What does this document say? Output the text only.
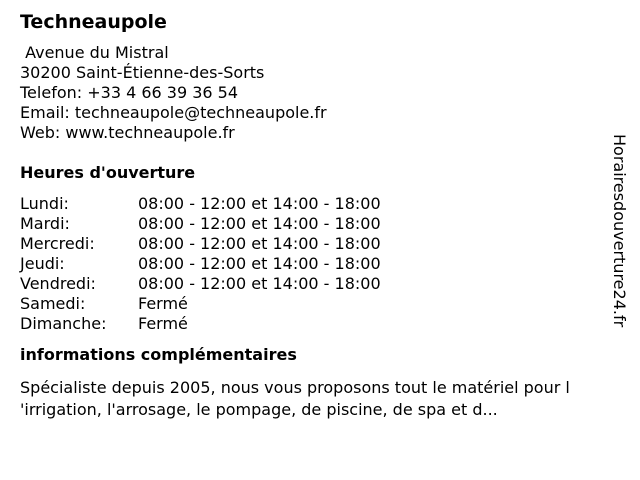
Techneaupole
Avenue du Mistral
30200 Saint-Étienne-des-Sorts
Telefon: +33 4 66 39 36 54
Email: techneaupole@techneaupole.fr
Web: www.techneaupole.fr
Heures d'ouverture
Lundi:	08:00 - 12:00 et 14:00 - 18:00
Mardi:	08:00 - 12:00 et 14:00 - 18:00
Mercredi:	08:00 - 12:00 et 14:00 - 18:00
Jeudi:	08:00 - 12:00 et 14:00 - 18:00
Vendredi:	08:00 - 12:00 et 14:00 - 18:00
Samedi:	Fermé
Dimanche:	Fermé
informations complémentaires
Spécialiste depuis 2005, nous vous proposons tout le matériel pour l
'irrigation, l'arrosage, le pompage, de piscine, de spa et d...
Horairesdouverture24.fr
